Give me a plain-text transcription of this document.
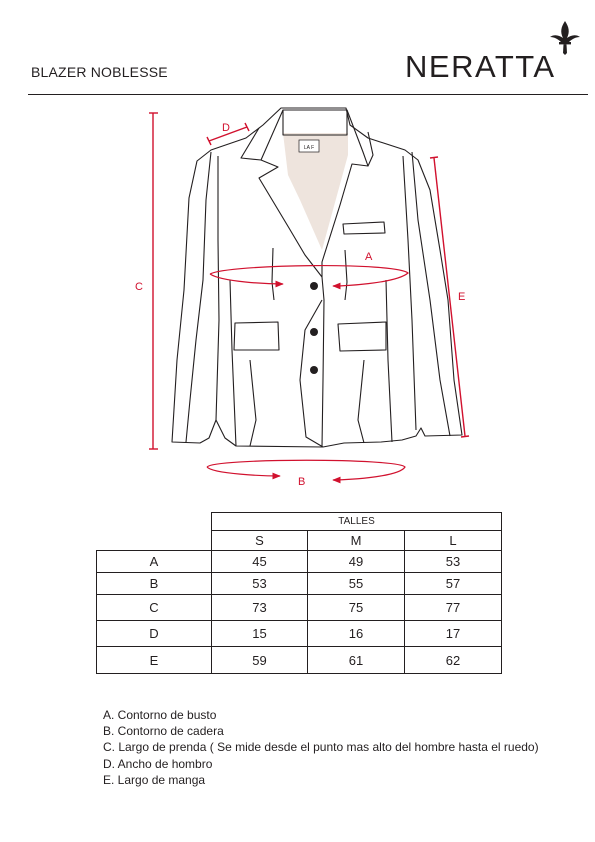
BLAZER NOBLESSE	NERATTA
LA F
C
E
D
A
B
	TALLES		
	S	M	L
A	45	49	53
B	53	55	57
C	73	75	77
D	15	16	17
E	59	61	62
A. Contorno de busto
B. Contorno de cadera
C. Largo de prenda ( Se mide desde el punto mas alto del hombre hasta el ruedo)
D. Ancho de hombro
E. Largo de manga
